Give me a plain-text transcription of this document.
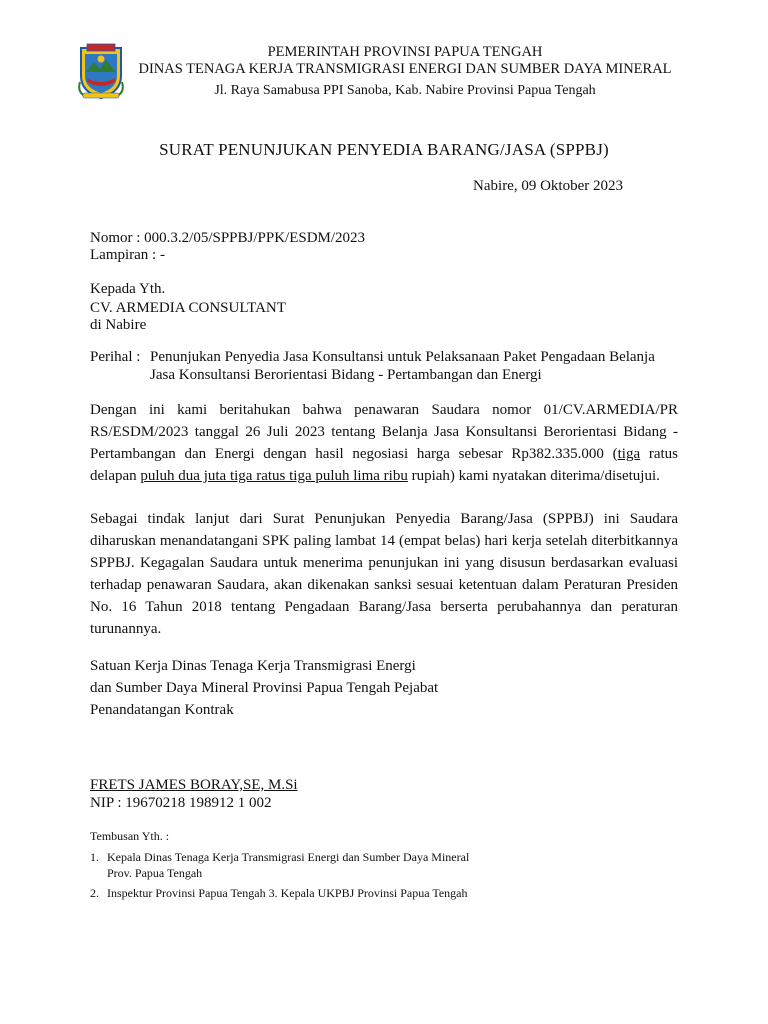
PEMERINTAH PROVINSI PAPUA TENGAH
DINAS TENAGA KERJA TRANSMIGRASI ENERGI DAN SUMBER DAYA MINERAL
Jl. Raya Samabusa PPI Sanoba, Kab. Nabire Provinsi Papua Tengah
SURAT PENUNJUKAN PENYEDIA BARANG/JASA (SPPBJ)
Nabire, 09 Oktober 2023
Nomor : 000.3.2/05/SPPBJ/PPK/ESDM/2023
Lampiran : -
Kepada Yth.
CV. ARMEDIA CONSULTANT
di Nabire
Perihal : Penunjukan Penyedia Jasa Konsultansi untuk Pelaksanaan Paket Pengadaan Belanja
Jasa Konsultansi Berorientasi Bidang - Pertambangan dan Energi
Dengan ini kami beritahukan bahwa penawaran Saudara nomor 01/CV.ARMEDIA/PR RS/ESDM/2023 tanggal 26 Juli 2023 tentang Belanja Jasa Konsultansi Berorientasi Bidang - Pertambangan dan Energi dengan hasil negosiasi harga sebesar Rp382.335.000 (tiga ratus delapan puluh dua juta tiga ratus tiga puluh lima ribu rupiah) kami nyatakan diterima/disetujui.
Sebagai tindak lanjut dari Surat Penunjukan Penyedia Barang/Jasa (SPPBJ) ini Saudara diharuskan menandatangani SPK paling lambat 14 (empat belas) hari kerja setelah diterbitkannya SPPBJ. Kegagalan Saudara untuk menerima penunjukan ini yang disusun berdasarkan evaluasi terhadap penawaran Saudara, akan dikenakan sanksi sesuai ketentuan dalam Peraturan Presiden No. 16 Tahun 2018 tentang Pengadaan Barang/Jasa berserta perubahannya dan peraturan turunannya.
Satuan Kerja Dinas Tenaga Kerja Transmigrasi Energi
dan Sumber Daya Mineral Provinsi Papua Tengah Pejabat
Penandatangan Kontrak
FRETS JAMES BORAY,SE, M.Si
NIP : 19670218 198912 1 002
Tembusan Yth. :
1. Kepala Dinas Tenaga Kerja Transmigrasi Energi dan Sumber Daya Mineral
Prov. Papua Tengah
2. Inspektur Provinsi Papua Tengah 3. Kepala UKPBJ Provinsi Papua Tengah
